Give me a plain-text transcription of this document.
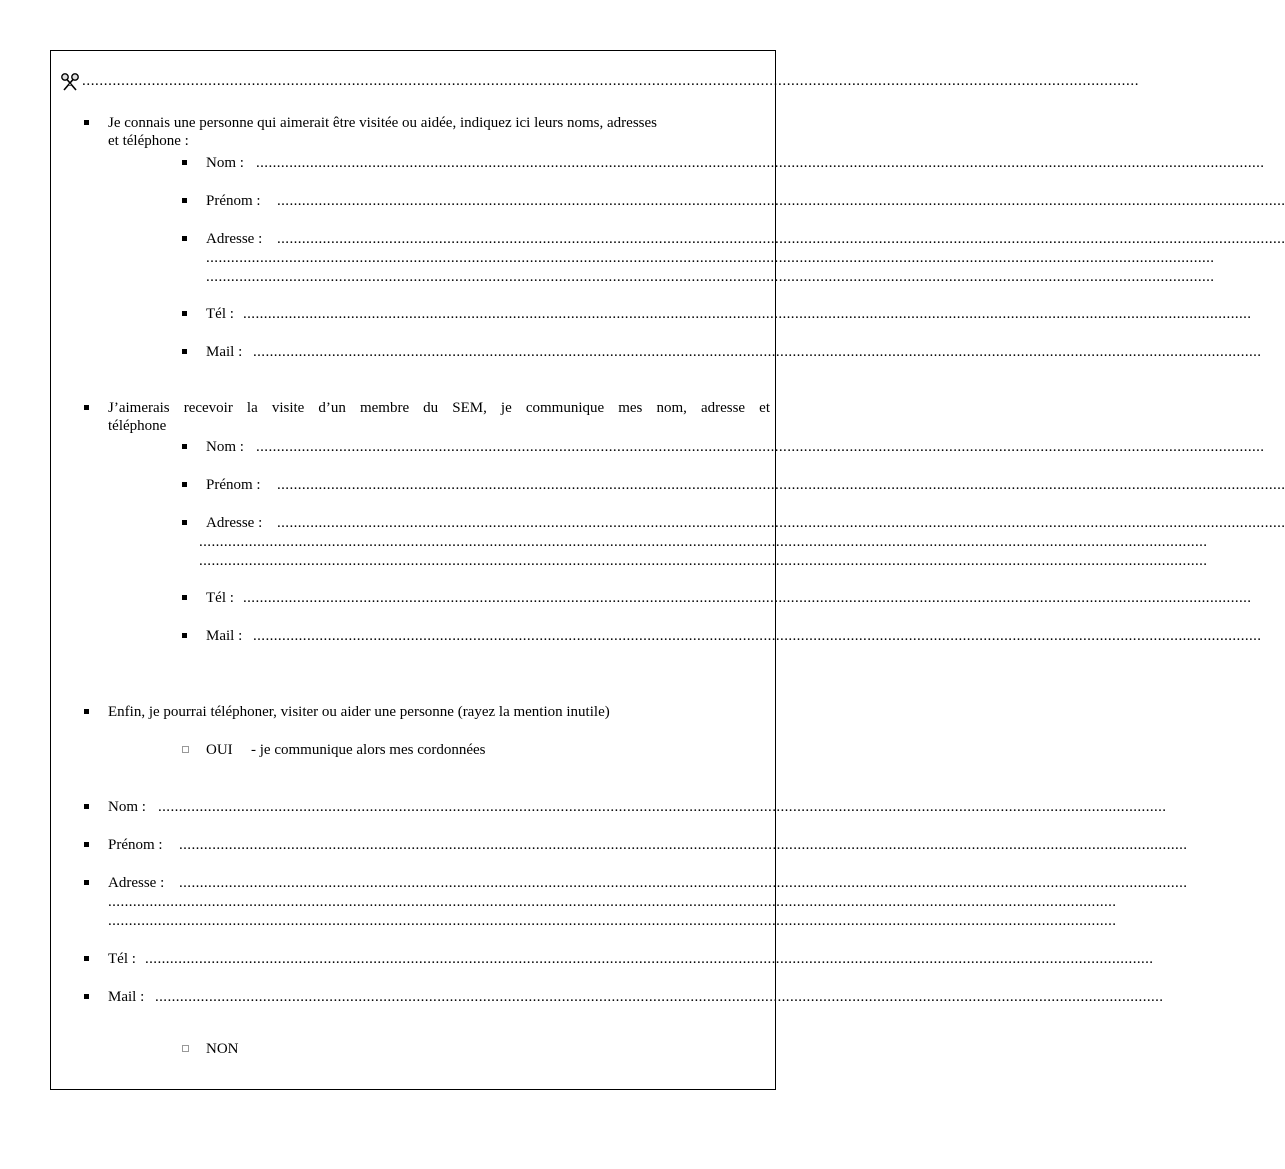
...................................................................................................................................................................................................................................................
Je connais une personne qui aimerait être visitée ou aidée, indiquez ici leurs noms, adresses
et téléphone :
Nom : ...................................................................................................................................................................................................................................................
Prénom : ...................................................................................................................................................................................................................................................
Adresse : ...................................................................................................................................................................................................................................................
...................................................................................................................................................................................................................................................
...................................................................................................................................................................................................................................................
Tél : ...................................................................................................................................................................................................................................................
Mail : ...................................................................................................................................................................................................................................................
J’aimerais recevoir la visite d’un membre du SEM, je communique mes nom, adresse et
téléphone
Nom : ...................................................................................................................................................................................................................................................
Prénom : ...................................................................................................................................................................................................................................................
Adresse : ...................................................................................................................................................................................................................................................
...................................................................................................................................................................................................................................................
...................................................................................................................................................................................................................................................
Tél : ...................................................................................................................................................................................................................................................
Mail : ...................................................................................................................................................................................................................................................
Enfin, je pourrai téléphoner, visiter ou aider une personne (rayez la mention inutile)
OUI - je communique alors mes cordonnées
Nom : ...................................................................................................................................................................................................................................................
Prénom : ...................................................................................................................................................................................................................................................
Adresse : ...................................................................................................................................................................................................................................................
...................................................................................................................................................................................................................................................
...................................................................................................................................................................................................................................................
Tél : ...................................................................................................................................................................................................................................................
Mail : ...................................................................................................................................................................................................................................................
NON
